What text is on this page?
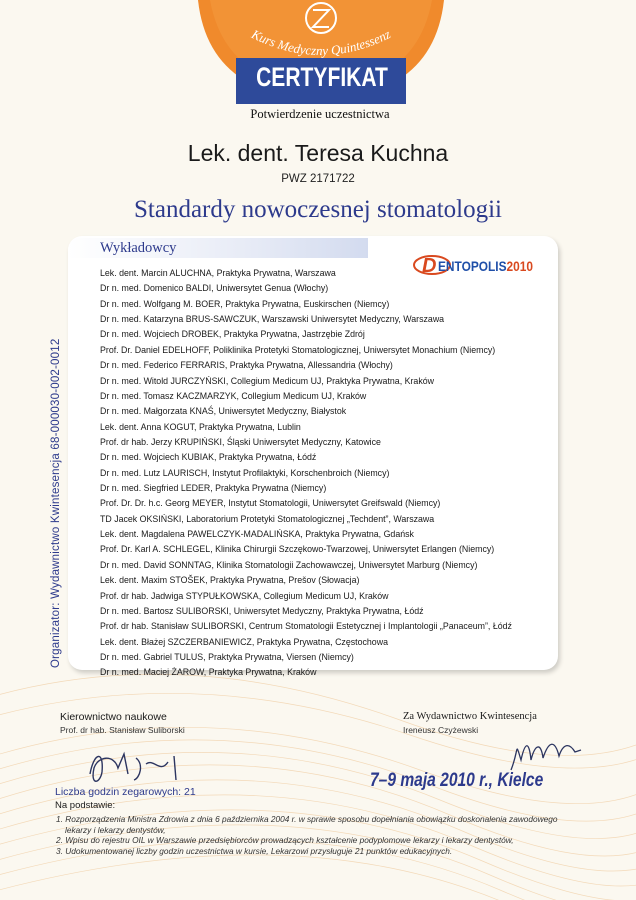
Kurs Medyczny Quintessenz
CERTYFIKAT
Potwierdzenie uczestnictwa
Lek. dent. Teresa Kuchna
PWZ 2171722
Standardy nowoczesnej stomatologii
Organizator: Wydawnictwo Kwintesencja 68-000030-002-0012
Wykładowcy
D ENTOPOLIS2010
Lek. dent. Marcin ALUCHNA, Praktyka Prywatna, Warszawa
Dr n. med. Domenico BALDI, Uniwersytet Genua (Włochy)
Dr n. med. Wolfgang M. BOER, Praktyka Prywatna, Euskirschen (Niemcy)
Dr n. med. Katarzyna BRUS-SAWCZUK, Warszawski Uniwersytet Medyczny, Warszawa
Dr n. med. Wojciech DROBEK, Praktyka Prywatna, Jastrzębie Zdrój
Prof. Dr. Daniel EDELHOFF, Poliklinika Protetyki Stomatologicznej, Uniwersytet Monachium (Niemcy)
Dr n. med. Federico FERRARIS, Praktyka Prywatna, Allessandria (Włochy)
Dr n. med. Witold JURCZYŃSKI, Collegium Medicum UJ, Praktyka Prywatna, Kraków
Dr n. med. Tomasz KACZMARZYK, Collegium Medicum UJ, Kraków
Dr n. med. Małgorzata KNAŚ, Uniwersytet Medyczny, Białystok
Lek. dent. Anna KOGUT, Praktyka Prywatna, Lublin
Prof. dr hab. Jerzy KRUPIŃSKI, Śląski Uniwersytet Medyczny, Katowice
Dr n. med. Wojciech KUBIAK, Praktyka Prywatna, Łódź
Dr n. med. Lutz LAURISCH, Instytut Profilaktyki, Korschenbroich (Niemcy)
Dr n. med. Siegfried LEDER, Praktyka Prywatna (Niemcy)
Prof. Dr. Dr. h.c. Georg MEYER, Instytut Stomatologii, Uniwersytet Greifswald (Niemcy)
TD Jacek OKSIŃSKI, Laboratorium Protetyki Stomatologicznej „Techdent”, Warszawa
Lek. dent. Magdalena PAWELCZYK-MADALIŃSKA, Praktyka Prywatna, Gdańsk
Prof. Dr. Karl A. SCHLEGEL, Klinika Chirurgii Szczękowo-Twarzowej, Uniwersytet Erlangen (Niemcy)
Dr n. med. David SONNTAG, Klinika Stomatologii Zachowawczej, Uniwersytet Marburg (Niemcy)
Lek. dent. Maxim STOŠEK, Praktyka Prywatna, Prešov (Słowacja)
Prof. dr hab. Jadwiga STYPUŁKOWSKA, Collegium Medicum UJ, Kraków
Dr n. med. Bartosz SULIBORSKI, Uniwersytet Medyczny, Praktyka Prywatna, Łódź
Prof. dr hab. Stanisław SULIBORSKI, Centrum Stomatologii Estetycznej i Implantologii „Panaceum”, Łódź
Lek. dent. Błażej SZCZERBANIEWICZ, Praktyka Prywatna, Częstochowa
Dr n. med. Gabriel TULUS, Praktyka Prywatna, Viersen (Niemcy)
Dr n. med. Maciej ŻAROW, Praktyka Prywatna, Kraków
Kierownictwo naukowe
Prof. dr hab. Stanisław Suliborski
Za Wydawnictwo Kwintesencja
Ireneusz Czyżewski
Liczba godzin zegarowych: 21
7–9 maja 2010 r., Kielce
Na podstawie:
1. Rozporządzenia Ministra Zdrowia z dnia 6 października 2004 r. w sprawie sposobu dopełniania obowiązku doskonalenia zawodowego lekarzy i lekarzy dentystów,
2. Wpisu do rejestru OIL w Warszawie przedsiębiorców prowadzących kształcenie podyplomowe lekarzy i lekarzy dentystów,
3. Udokumentowanej liczby godzin uczestnictwa w kursie, Lekarzowi przysługuje 21 punktów edukacyjnych.
